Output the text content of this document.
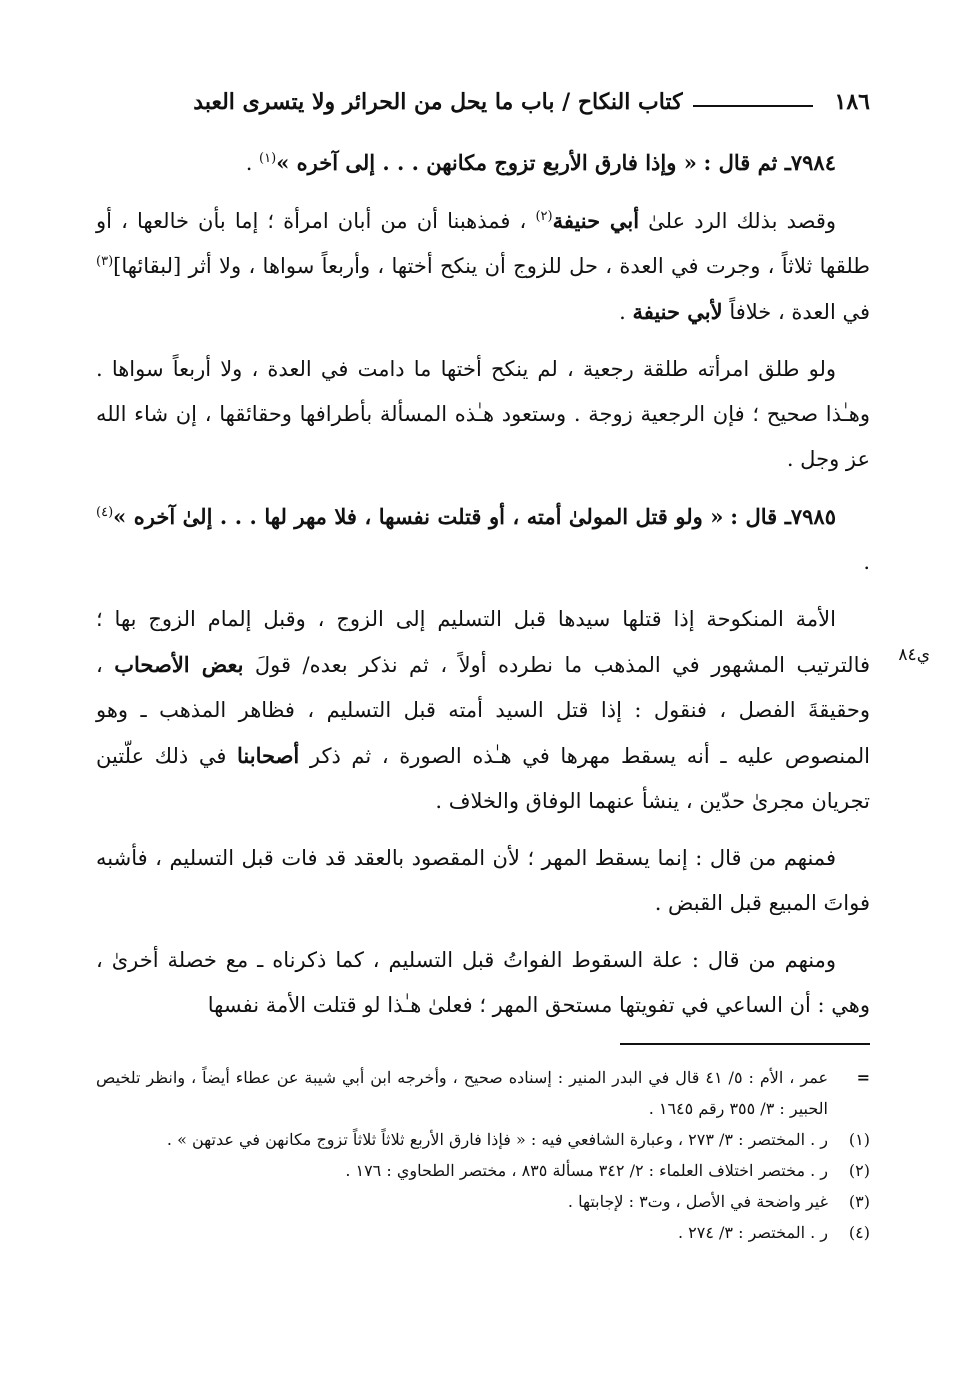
١٨٦
كتاب النكاح / باب ما يحل من الحرائر ولا يتسرى العبد
ي٨٤

٧٩٨٤ـ ثم قال : « وإذا فارق الأربع تزوج مكانهن . . . إلى آخره »$^{(١)}$ .

وقصد بذلك الرد علىٰ أبي حنيفة$^{(٢)}$ ، فمذهبنا أن من أبان امرأة ؛ إما بأن خالعها ، أو طلقها ثلاثاً ، وجرت في العدة ، حل للزوج أن ينكح أختها ، وأربعاً سواها ، ولا أثر [لبقائها]$^{(٣)}$ في العدة ، خلافاً لأبي حنيفة .

ولو طلق امرأته طلقة رجعية ، لم ينكح أختها ما دامت في العدة ، ولا أربعاً سواها . وهـٰذا صحيح ؛ فإن الرجعية زوجة . وستعود هـٰذه المسألة بأطرافها وحقائقها ، إن شاء الله عز وجل .

٧٩٨٥ـ قال : « ولو قتل المولىٰ أمته ، أو قتلت نفسها ، فلا مهر لها . . . إلىٰ آخره »$^{(٤)}$ .

الأمة المنكوحة إذا قتلها سيدها قبل التسليم إلى الزوج ، وقبل إلمام الزوج بها ؛ فالترتيب المشهور في المذهب ما نطرده أولاً ، ثم نذكر بعده/ قولَ بعض الأصحاب ، وحقيقةَ الفصل ، فنقول : إذا قتل السيد أمته قبل التسليم ، فظاهر المذهب ـ وهو المنصوص عليه ـ أنه يسقط مهرها في هـٰذه الصورة ، ثم ذكر أصحابنا في ذلك علّتين تجريان مجرىٰ حدّين ، ينشأ عنهما الوفاق والخلاف .

فمنهم من قال : إنما يسقط المهر ؛ لأن المقصود بالعقد قد فات قبل التسليم ، فأشبه فواتَ المبيع قبل القبض .

ومنهم من قال : علة السقوط الفواتُ قبل التسليم ، كما ذكرناه ـ مع خصلة أخرىٰ ، وهي : أن الساعي في تفويتها مستحق المهر ؛ فعلىٰ هـٰذا لو قتلت الأمة نفسها

=
عمر ، الأم : ٥/ ٤١ قال في البدر المنير : إسناده صحيح ، وأخرجه ابن أبي شيبة عن عطاء أيضاً ، وانظر تلخيص الحبير : ٣/ ٣٥٥ رقم ١٦٤٥ .
(١)
ر . المختصر : ٣/ ٢٧٣ ، وعبارة الشافعي فيه : « فإذا فارق الأربع ثلاثاً ثلاثاً تزوج مكانهن في عدتهن » .
(٢)
ر . مختصر اختلاف العلماء : ٢/ ٣٤٢ مسألة ٨٣٥ ، مختصر الطحاوي : ١٧٦ .
(٣)
غير واضحة في الأصل ، وت٣ : لإجابتها .
(٤)
ر . المختصر : ٣/ ٢٧٤ .
